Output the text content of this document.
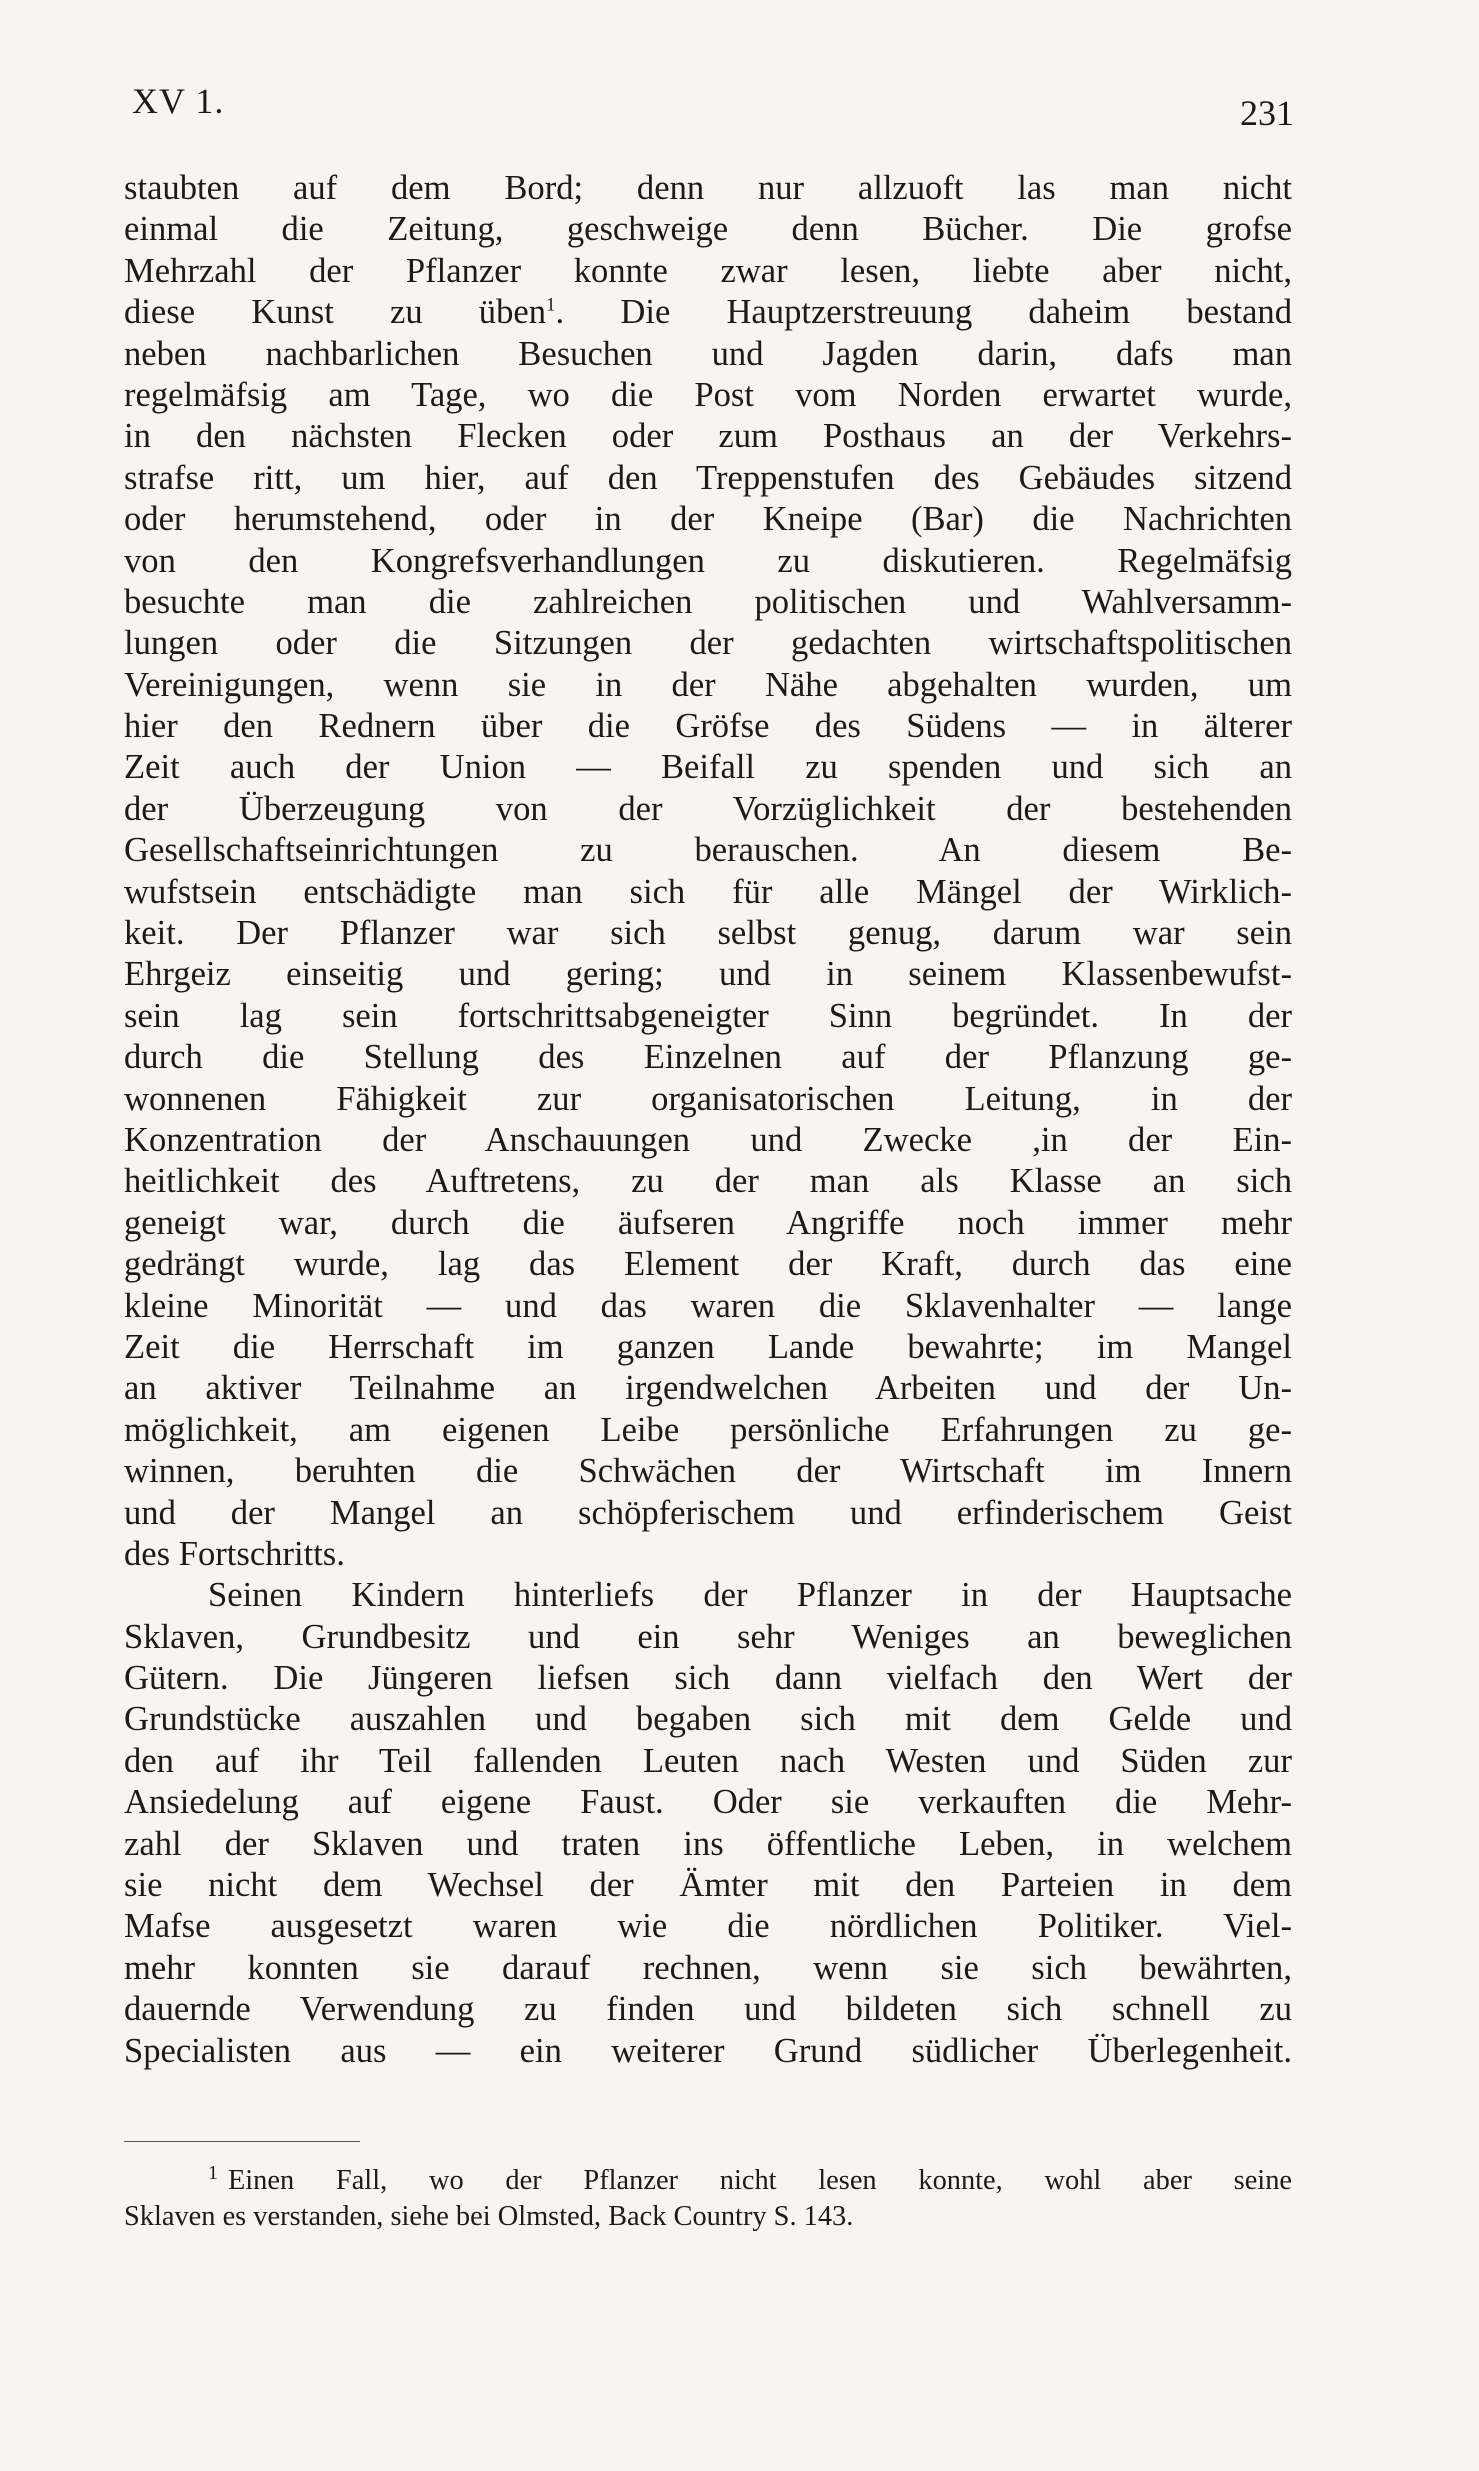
XV 1.	231
staubten auf dem Bord; denn nur allzuoft las man nicht
einmal die Zeitung, geschweige denn Bücher. Die grofse
Mehrzahl der Pflanzer konnte zwar lesen, liebte aber nicht,
diese Kunst zu üben$^1$. Die Hauptzerstreuung daheim bestand
neben nachbarlichen Besuchen und Jagden darin, dafs man
regelmäfsig am Tage, wo die Post vom Norden erwartet wurde,
in den nächsten Flecken oder zum Posthaus an der Verkehrs-
strafse ritt, um hier, auf den Treppenstufen des Gebäudes sitzend
oder herumstehend, oder in der Kneipe (Bar) die Nachrichten
von den Kongrefsverhandlungen zu diskutieren. Regelmäfsig
besuchte man die zahlreichen politischen und Wahlversamm-
lungen oder die Sitzungen der gedachten wirtschaftspolitischen
Vereinigungen, wenn sie in der Nähe abgehalten wurden, um
hier den Rednern über die Gröfse des Südens — in älterer
Zeit auch der Union — Beifall zu spenden und sich an
der Überzeugung von der Vorzüglichkeit der bestehenden
Gesellschaftseinrichtungen zu berauschen. An diesem Be-
wufstsein entschädigte man sich für alle Mängel der Wirklich-
keit. Der Pflanzer war sich selbst genug, darum war sein
Ehrgeiz einseitig und gering; und in seinem Klassenbewufst-
sein lag sein fortschrittsabgeneigter Sinn begründet. In der
durch die Stellung des Einzelnen auf der Pflanzung ge-
wonnenen Fähigkeit zur organisatorischen Leitung, in der
Konzentration der Anschauungen und Zwecke ,in der Ein-
heitlichkeit des Auftretens, zu der man als Klasse an sich
geneigt war, durch die äufseren Angriffe noch immer mehr
gedrängt wurde, lag das Element der Kraft, durch das eine
kleine Minorität — und das waren die Sklavenhalter — lange
Zeit die Herrschaft im ganzen Lande bewahrte; im Mangel
an aktiver Teilnahme an irgendwelchen Arbeiten und der Un-
möglichkeit, am eigenen Leibe persönliche Erfahrungen zu ge-
winnen, beruhten die Schwächen der Wirtschaft im Innern
und der Mangel an schöpferischem und erfinderischem Geist
des Fortschritts.
Seinen Kindern hinterliefs der Pflanzer in der Hauptsache
Sklaven, Grundbesitz und ein sehr Weniges an beweglichen
Gütern. Die Jüngeren liefsen sich dann vielfach den Wert der
Grundstücke auszahlen und begaben sich mit dem Gelde und
den auf ihr Teil fallenden Leuten nach Westen und Süden zur
Ansiedelung auf eigene Faust. Oder sie verkauften die Mehr-
zahl der Sklaven und traten ins öffentliche Leben, in welchem
sie nicht dem Wechsel der Ämter mit den Parteien in dem
Mafse ausgesetzt waren wie die nördlichen Politiker. Viel-
mehr konnten sie darauf rechnen, wenn sie sich bewährten,
dauernde Verwendung zu finden und bildeten sich schnell zu
Specialisten aus — ein weiterer Grund südlicher Überlegenheit.
$^1$ Einen Fall, wo der Pflanzer nicht lesen konnte, wohl aber seine
Sklaven es verstanden, siehe bei Olmsted, Back Country S. 143.
